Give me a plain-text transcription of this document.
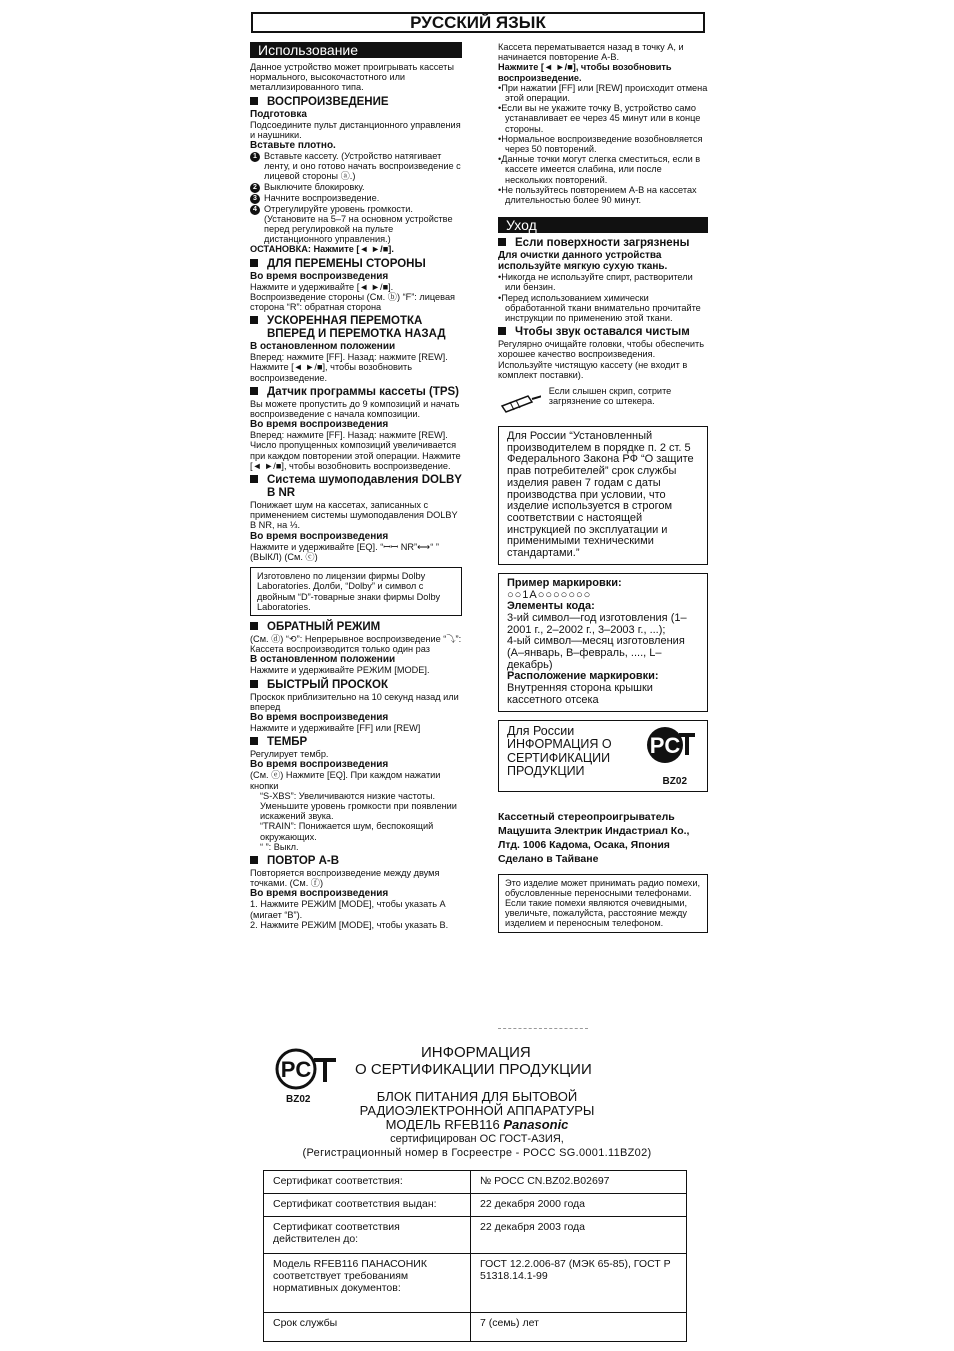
РУССКИЙ ЯЗЫК
Использование

Данное устройство может проигрывать кассеты нормального, высокочастотного или металлизированного типа.

ВОСПРОИЗВЕДЕНИЕ
Подготовка

Подсоедините пульт дистанционного управления и наушники.

Вставьте плотно.
1 Вставьте кассету. (Устройство натягивает ленту, и оно готово начать воспроизведение с лицевой стороны ⓐ.)
2 Выключите блокировку.
3 Начните воспроизведение.
4 Отрегулируйте уровень громкости. (Установите на 5–7 на основном устройстве перед регулировкой на пульте дистанционного управления.)

ОСТАНОВКА: Нажмите [◄ ►/■].

ДЛЯ ПЕРЕМЕНЫ СТОРОНЫ
Во время воспроизведения

Нажмите и удерживайте [◄ ►/■]. Воспроизведение стороны (См. ⓑ) “F”: лицевая сторона “R”: обратная сторона

УСКОРЕННАЯ ПЕРЕМОТКА ВПЕРЕД И ПЕРЕМОТКА НАЗАД
В остановленном положении

Вперед: нажмите [FF]. Назад: нажмите [REW]. Нажмите [◄ ►/■], чтобы возобновить воспроизведение.

Датчик программы кассеты (TPS)

Вы можете пропустить до 9 композиций и начать воспроизведение с начала композиции.

Во время воспроизведения

Вперед: нажмите [FF]. Назад: нажмите [REW]. Число пропущенных композиций увеличивается при каждом повторении этой операции. Нажмите [◄ ►/■], чтобы возобновить воспроизведение.

Система шумоподавления DOLBY B NR

Понижает шум на кассетах, записанных с применением системы шумоподавления DOLBY B NR, на ⅓.

Во время воспроизведения

Нажмите и удерживайте [EQ]. “ꟷꟷ NR”⟷“ ” (ВЫКЛ) (См. ⓒ)

Изготовлено по лицензии фирмы Dolby Laboratories. Долби, “Dolby” и символ с двойным “D”-товарные знаки фирмы Dolby Laboratories.
ОБРАТНЫЙ РЕЖИМ

(См. ⓓ) “⟲”: Непрерывное воспроизведение “⤵”: Кассета воспроизводится только один раз

В остановленном положении

Нажмите и удерживайте РЕЖИМ [MODE].

БЫСТРЫЙ ПРОСКОК

Проскок приблизительно на 10 секунд назад или вперед

Во время воспроизведения

Нажмите и удерживайте [FF] или [REW]

ТЕМБР

Регулирует тембр.

Во время воспроизведения

(См. ⓔ) Нажмите [EQ]. При каждом нажатии кнопки

“S-XBS”: Увеличиваются низкие частоты. Уменьшите уровень громкости при появлении искажений звука.

“TRAIN”: Понижается шум, беспокоящий окружающих.

“ ”: Выкл.

ПОВТОР A-B

Повторяется воспроизведение между двумя точками. (См. ⓕ)

Во время воспроизведения

1. Нажмите РЕЖИМ [MODE], чтобы указать A (мигает “B”).

2. Нажмите РЕЖИМ [MODE], чтобы указать B.

Кассета перематывается назад в точку A, и начинается повторение A-B.

Нажмите [◄ ►/■], чтобы возобновить воспроизведение.

•При нажатии [FF] или [REW] происходит отмена этой операции.

•Если вы не укажите точку B, устройство само устанавливает ее через 45 минут или в конце стороны.

•Нормальное воспроизведение возобновляется через 50 повторений.

•Данные точки могут слегка сместиться, если в кассете имеется слабина, или после нескольких повторений.

•Не пользуйтесь повторением A-B на кассетах длительностью более 90 минут.

Уход
Если поверхности загрязнены
Для очистки данного устройства используйте мягкую сухую ткань.

•Никогда не используйте спирт, растворители или бензин.

•Перед использованием химически обработанной ткани внимательно прочитайте инструкции по применению этой ткани.

Чтобы звук оставался чистым

Регулярно очищайте головки, чтобы обеспечить хорошее качество воспроизведения. Используйте чистящую кассету (не входит в комплект поставки).

Если слышен скрип, сотрите загрязнение со штекера.

Для России “Установленный производителем в порядке п. 2 ст. 5 Федерального Закона РФ “О защите прав потребителей” срок службы изделия равен 7 годам с даты производства при условии, что изделие используется в строгом соответствии с настоящей инструкцией по эксплуатации и применимыми техническими стандартами.”
Пример маркировки:
○○1A○○○○○○○
Элементы кода:
3-ий символ—год изготовления (1–2001 г., 2–2002 г., 3–2003 г., ...);
4-ый символ—месяц изготовления (A–январь, B–февраль, ...., L–декабрь)
Расположение маркировки:
Внутренняя сторона крышки кассетного отсека
Для России
ИНФОРМАЦИЯ О СЕРТИФИКАЦИИ ПРОДУКЦИИ
PC
BZ02

Кассетный стереопроигрыватель Мацушита Электрик Индастриал Ко., Лтд. 1006 Кадома, Осака, Япония Сделано в Тайване

Это изделие может принимать радио помехи, обусловленные переносными телефонами. Если такие помехи являются очевидными, увеличьте, пожалуйста, расстояние между изделием и переносным телефоном.
PC
BZ02
ИНФОРМАЦИЯ
О СЕРТИФИКАЦИИ ПРОДУКЦИИ
БЛОК ПИТАНИЯ ДЛЯ БЫТОВОЙ
РАДИОЭЛЕКТРОННОЙ АППАРАТУРЫ
МОДЕЛЬ RFEB116 Panasonic
сертифицирован ОС ГОСТ-АЗИЯ,
(Регистрационный номер в Госреестре - РОСС SG.0001.11BZ02)
Сертификат соответствия:	№ РОСС CN.BZ02.B02697
Сертификат соответствия выдан:	22 декабря 2000 года
Сертификат соответствия действителен до:	22 декабря 2003 года
Модель RFEB116 ПАНАСОНИК соответствует требованиям нормативных документов:	ГОСТ 12.2.006-87 (МЭК 65-85), ГОСТ Р 51318.14.1-99
Срок службы	7 (семь) лет
